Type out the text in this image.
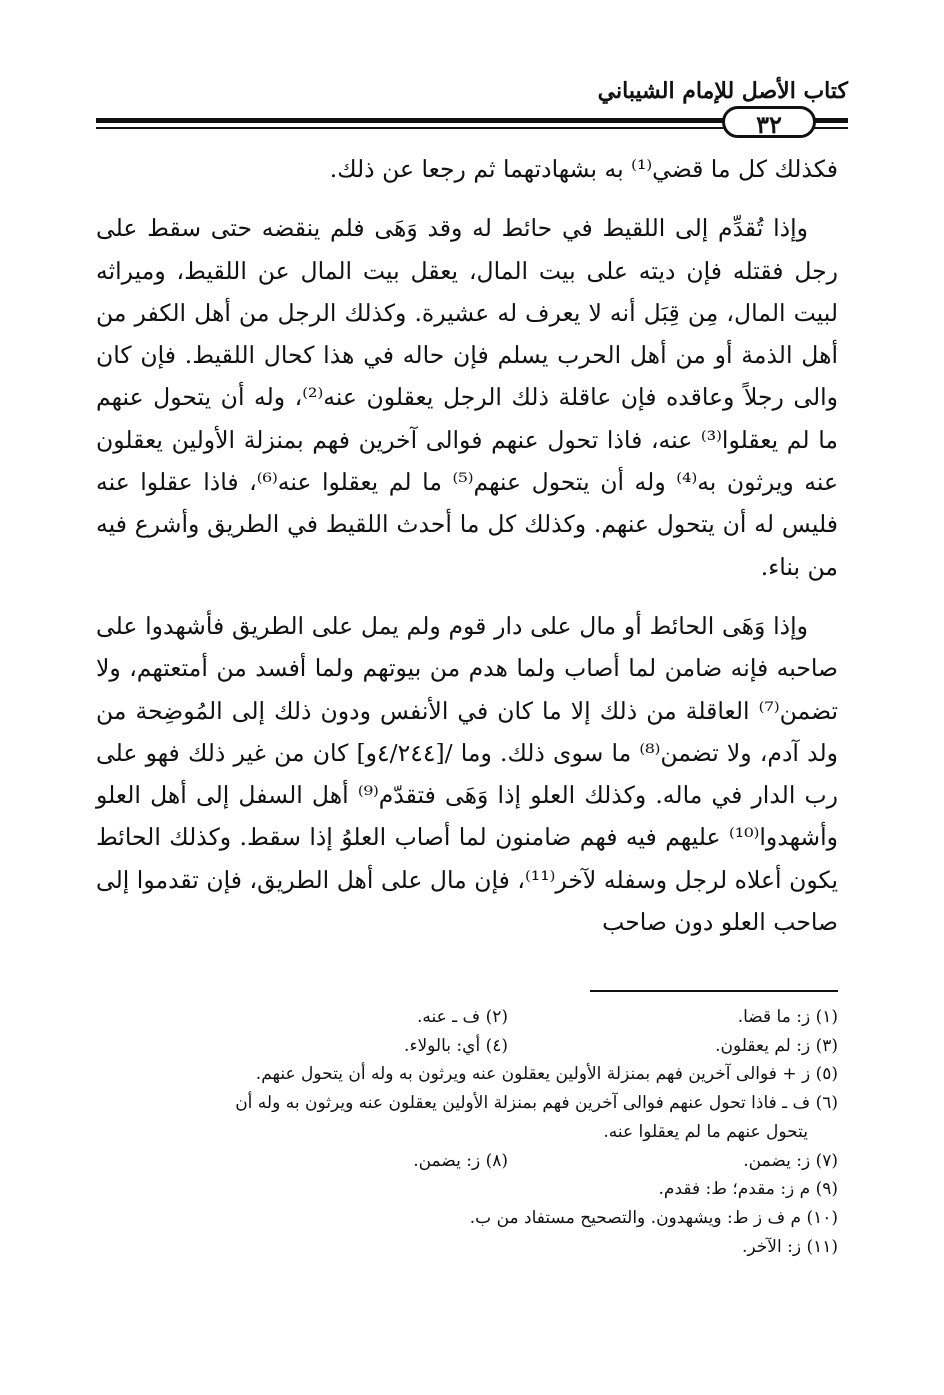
كتاب الأصل للإمام الشيباني
٣٢

فكذلك كل ما قضي⁽¹⁾ به بشهادتهما ثم رجعا عن ذلك.

وإذا تُقدِّم إلى اللقيط في حائط له وقد وَهَى فلم ينقضه حتى سقط على رجل فقتله فإن ديته على بيت المال، يعقل بيت المال عن اللقيط، وميراثه لبيت المال، مِن قِبَل أنه لا يعرف له عشيرة. وكذلك الرجل من أهل الكفر من أهل الذمة أو من أهل الحرب يسلم فإن حاله في هذا كحال اللقيط. فإن كان والى رجلاً وعاقده فإن عاقلة ذلك الرجل يعقلون عنه⁽²⁾، وله أن يتحول عنهم ما لم يعقلوا⁽³⁾ عنه، فاذا تحول عنهم فوالى آخرين فهم بمنزلة الأولين يعقلون عنه ويرثون به⁽⁴⁾ وله أن يتحول عنهم⁽⁵⁾ ما لم يعقلوا عنه⁽⁶⁾، فاذا عقلوا عنه فليس له أن يتحول عنهم. وكذلك كل ما أحدث اللقيط في الطريق وأشرع فيه من بناء.

وإذا وَهَى الحائط أو مال على دار قوم ولم يمل على الطريق فأشهدوا على صاحبه فإنه ضامن لما أصاب ولما هدم من بيوتهم ولما أفسد من أمتعتهم، ولا تضمن⁽⁷⁾ العاقلة من ذلك إلا ما كان في الأنفس ودون ذلك إلى المُوضِحة من ولد آدم، ولا تضمن⁽⁸⁾ ما سوى ذلك. وما /[٤/٢٤٤و] كان من غير ذلك فهو على رب الدار في ماله. وكذلك العلو إذا وَهَى فتقدّم⁽⁹⁾ أهل السفل إلى أهل العلو وأشهدوا⁽¹⁰⁾ عليهم فيه فهم ضامنون لما أصاب العلوُ إذا سقط. وكذلك الحائط يكون أعلاه لرجل وسفله لآخر⁽¹¹⁾، فإن مال على أهل الطريق، فإن تقدموا إلى صاحب العلو دون صاحب

(١) ز: ما قضا.
(٢) ف ـ عنه.
(٣) ز: لم يعقلون.
(٤) أي: بالولاء.
(٥) ز + فوالى آخرين فهم بمنزلة الأولين يعقلون عنه ويرثون به وله أن يتحول عنهم.
(٦) ف ـ فاذا تحول عنهم فوالى آخرين فهم بمنزلة الأولين يعقلون عنه ويرثون به وله أن
يتحول عنهم ما لم يعقلوا عنه.
(٧) ز: يضمن.
(٨) ز: يضمن.
(٩) م ز: مقدم؛ ط: فقدم.
(١٠) م ف ز ط: ويشهدون. والتصحيح مستفاد من ب.
(١١) ز: الآخر.
